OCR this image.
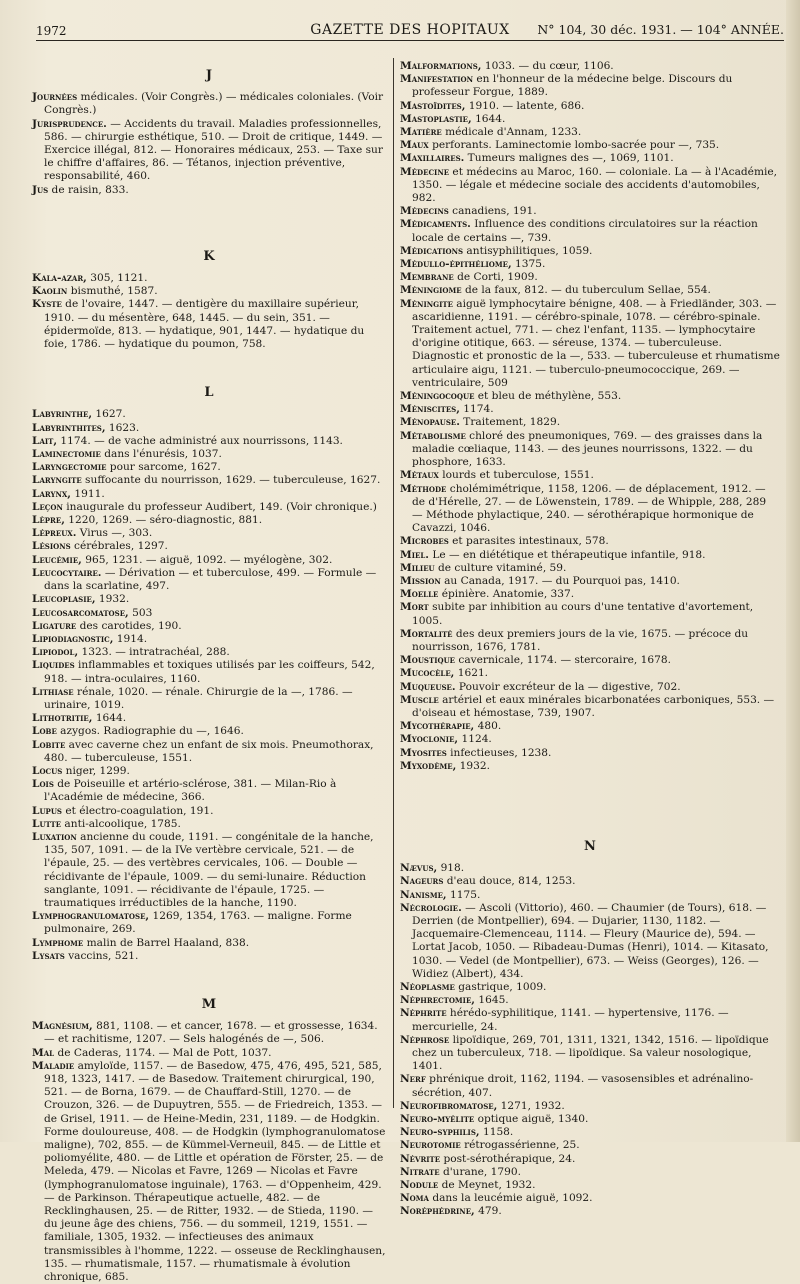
1972	GAZETTE DES HOPITAUX	N° 104, 30 déc. 1931. — 104° ANNÉE.
J

Journées médicales. (Voir Congrès.) — médicales coloniales. (Voir Congrès.)

Jurisprudence. — Accidents du travail. Maladies professionnelles, 586. — chirurgie esthétique, 510. — Droit de critique, 1449. — Exercice illégal, 812. — Honoraires médicaux, 253. — Taxe sur le chiffre d'affaires, 86. — Tétanos, injection préventive, responsabilité, 460.

Jus de raisin, 833.

K

Kala-azar, 305, 1121.

Kaolin bismuthé, 1587.

Kyste de l'ovaire, 1447. — dentigère du maxillaire supérieur, 1910. — du mésentère, 648, 1445. — du sein, 351. — épidermoïde, 813. — hydatique, 901, 1447. — hydatique du foie, 1786. — hydatique du poumon, 758.

L

Labyrinthe, 1627.

Labyrinthites, 1623.

Lait, 1174. — de vache administré aux nourrissons, 1143.

Laminectomie dans l'énurésis, 1037.

Laryngectomie pour sarcome, 1627.

Laryngite suffocante du nourrisson, 1629. — tuberculeuse, 1627.

Larynx, 1911.

Leçon inaugurale du professeur Audibert, 149. (Voir chronique.)

Lèpre, 1220, 1269. — séro-diagnostic, 881.

Lépreux. Virus —, 303.

Lésions cérébrales, 1297.

Leucémie, 965, 1231. — aiguë, 1092. — myélogène, 302.

Leucocytaire. — Dérivation — et tuberculose, 499. — Formule — dans la scarlatine, 497.

Leucoplasie, 1932.

Leucosarcomatose, 503

Ligature des carotides, 190.

Lipiodiagnostic, 1914.

Lipiodol, 1323. — intratrachéal, 288.

Liquides inflammables et toxiques utilisés par les coiffeurs, 542, 918. — intra-oculaires, 1160.

Lithiase rénale, 1020. — rénale. Chirurgie de la —, 1786. — urinaire, 1019.

Lithotritie, 1644.

Lobe azygos. Radiographie du —, 1646.

Lobite avec caverne chez un enfant de six mois. Pneumothorax, 480. — tuberculeuse, 1551.

Locus niger, 1299.

Lois de Poiseuille et artério-sclérose, 381. — Milan-Rio à l'Académie de médecine, 366.

Lupus et électro-coagulation, 191.

Lutte anti-alcoolique, 1785.

Luxation ancienne du coude, 1191. — congénitale de la hanche, 135, 507, 1091. — de la IVe vertèbre cervicale, 521. — de l'épaule, 25. — des vertèbres cervicales, 106. — Double — récidivante de l'épaule, 1009. — du semi-lunaire. Réduction sanglante, 1091. — récidivante de l'épaule, 1725. — traumatiques irréductibles de la hanche, 1190.

Lymphogranulomatose, 1269, 1354, 1763. — maligne. Forme pulmonaire, 269.

Lymphome malin de Barrel Haaland, 838.

Lysats vaccins, 521.

M

Magnésium, 881, 1108. — et cancer, 1678. — et grossesse, 1634. — et rachitisme, 1207. — Sels halogénés de —, 506.

Mal de Caderas, 1174. — Mal de Pott, 1037.

Maladie amyloïde, 1157. — de Basedow, 475, 476, 495, 521, 585, 918, 1323, 1417. — de Basedow. Traitement chirurgical, 190, 521. — de Borna, 1679. — de Chauffard-Still, 1270. — de Crouzon, 326. — de Dupuytren, 555. — de Friedreich, 1353. — de Grisel, 1911. — de Heine-Medin, 231, 1189. — de Hodgkin. Forme douloureuse, 408. — de Hodgkin (lymphogranulomatose maligne), 702, 855. — de Kümmel-Verneuil, 845. — de Little et poliomyélite, 480. — de Little et opération de Förster, 25. — de Meleda, 479. — Nicolas et Favre, 1269 — Nicolas et Favre (lymphogranulomatose inguinale), 1763. — d'Oppenheim, 429. — de Parkinson. Thérapeutique actuelle, 482. — de Recklinghausen, 25. — de Ritter, 1932. — de Stieda, 1190. — du jeune âge des chiens, 756. — du sommeil, 1219, 1551. — familiale, 1305, 1932. — infectieuses des animaux transmissibles à l'homme, 1222. — osseuse de Recklinghausen, 135. — rhumatismale, 1157. — rhumatismale à évolution chronique, 685.

Malformations, 1033. — du cœur, 1106.

Manifestation en l'honneur de la médecine belge. Discours du professeur Forgue, 1889.

Mastoïdites, 1910. — latente, 686.

Mastoplastie, 1644.

Matière médicale d'Annam, 1233.

Maux perforants. Laminectomie lombo-sacrée pour —, 735.

Maxillaires. Tumeurs malignes des —, 1069, 1101.

Médecine et médecins au Maroc, 160. — coloniale. La — à l'Académie, 1350. — légale et médecine sociale des accidents d'automobiles, 982.

Médecins canadiens, 191.

Médicaments. Influence des conditions circulatoires sur la réaction locale de certains —, 739.

Médications antisyphilitiques, 1059.

Médullo-épithéliome, 1375.

Membrane de Corti, 1909.

Méningiome de la faux, 812. — du tuberculum Sellae, 554.

Méningite aiguë lymphocytaire bénigne, 408. — à Friedländer, 303. — ascaridienne, 1191. — cérébro-spinale, 1078. — cérébro-spinale. Traitement actuel, 771. — chez l'enfant, 1135. — lymphocytaire d'origine otitique, 663. — séreuse, 1374. — tuberculeuse. Diagnostic et pronostic de la —, 533. — tuberculeuse et rhumatisme articulaire aigu, 1121. — tuberculo-pneumococcique, 269. — ventriculaire, 509

Méningocoque et bleu de méthylène, 553.

Méniscites, 1174.

Ménopause. Traitement, 1829.

Métabolisme chloré des pneumoniques, 769. — des graisses dans la maladie cœliaque, 1143. — des jeunes nourrissons, 1322. — du phosphore, 1633.

Métaux lourds et tuberculose, 1551.

Méthode cholémimétrique, 1158, 1206. — de déplacement, 1912. — de d'Hérelle, 27. — de Löwenstein, 1789. — de Whipple, 288, 289 — Méthode phylactique, 240. — sérothérapique hormonique de Cavazzi, 1046.

Microbes et parasites intestinaux, 578.

Miel. Le — en diététique et thérapeutique infantile, 918.

Milieu de culture vitaminé, 59.

Mission au Canada, 1917. — du Pourquoi pas, 1410.

Moelle épinière. Anatomie, 337.

Mort subite par inhibition au cours d'une tentative d'avortement, 1005.

Mortalité des deux premiers jours de la vie, 1675. — précoce du nourrisson, 1676, 1781.

Moustique cavernicale, 1174. — stercoraire, 1678.

Mucocèle, 1621.

Muqueuse. Pouvoir excréteur de la — digestive, 702.

Muscle artériel et eaux minérales bicarbonatées carboniques, 553. — d'oiseau et hémostase, 739, 1907.

Mycothérapie, 480.

Myoclonie, 1124.

Myosites infectieuses, 1238.

Myxodème, 1932.

N

Nævus, 918.

Nageurs d'eau douce, 814, 1253.

Nanisme, 1175.

Nécrologie. — Ascoli (Vittorio), 460. — Chaumier (de Tours), 618. — Derrien (de Montpellier), 694. — Dujarier, 1130, 1182. — Jacquemaire-Clemenceau, 1114. — Fleury (Maurice de), 594. — Lortat Jacob, 1050. — Ribadeau-Dumas (Henri), 1014. — Kitasato, 1030. — Vedel (de Montpellier), 673. — Weiss (Georges), 126. — Widiez (Albert), 434.

Néoplasme gastrique, 1009.

Néphrectomie, 1645.

Néphrite hérédo-syphilitique, 1141. — hypertensive, 1176. — mercurielle, 24.

Néphrose lipoïdique, 269, 701, 1311, 1321, 1342, 1516. — lipoïdique chez un tuberculeux, 718. — lipoïdique. Sa valeur nosologique, 1401.

Nerf phrénique droit, 1162, 1194. — vasosensibles et adrénalino-sécrétion, 407.

Neurofibromatose, 1271, 1932.

Neuro-myélite optique aiguë, 1340.

Neuro-syphilis, 1158.

Neurotomie rétrogassérienne, 25.

Névrite post-sérothérapique, 24.

Nitrate d'urane, 1790.

Nodule de Meynet, 1932.

Noma dans la leucémie aiguë, 1092.

Noréphédrine, 479.
